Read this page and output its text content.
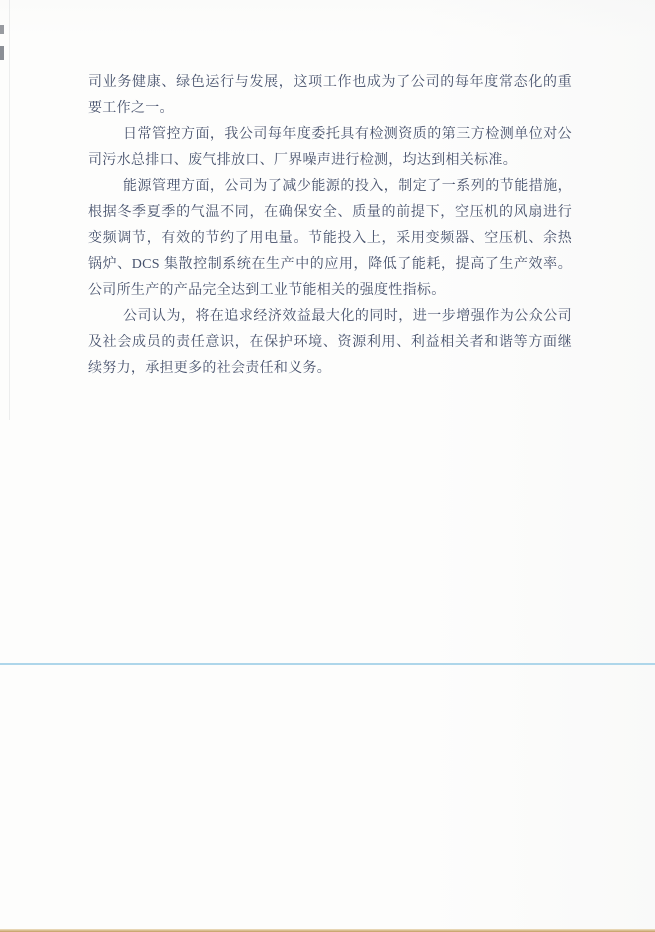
司业务健康、绿色运行与发展，这项工作也成为了公司的每年度常态化的重要工作之一。

日常管控方面，我公司每年度委托具有检测资质的第三方检测单位对公司污水总排口、废气排放口、厂界噪声进行检测，均达到相关标准。

能源管理方面，公司为了减少能源的投入，制定了一系列的节能措施，根据冬季夏季的气温不同，在确保安全、质量的前提下，空压机的风扇进行变频调节，有效的节约了用电量。节能投入上，采用变频器、空压机、余热锅炉、DCS 集散控制系统在生产中的应用，降低了能耗，提高了生产效率。公司所生产的产品完全达到工业节能相关的强度性指标。

公司认为，将在追求经济效益最大化的同时，进一步增强作为公众公司及社会成员的责任意识，在保护环境、资源利用、利益相关者和谐等方面继续努力，承担更多的社会责任和义务。
